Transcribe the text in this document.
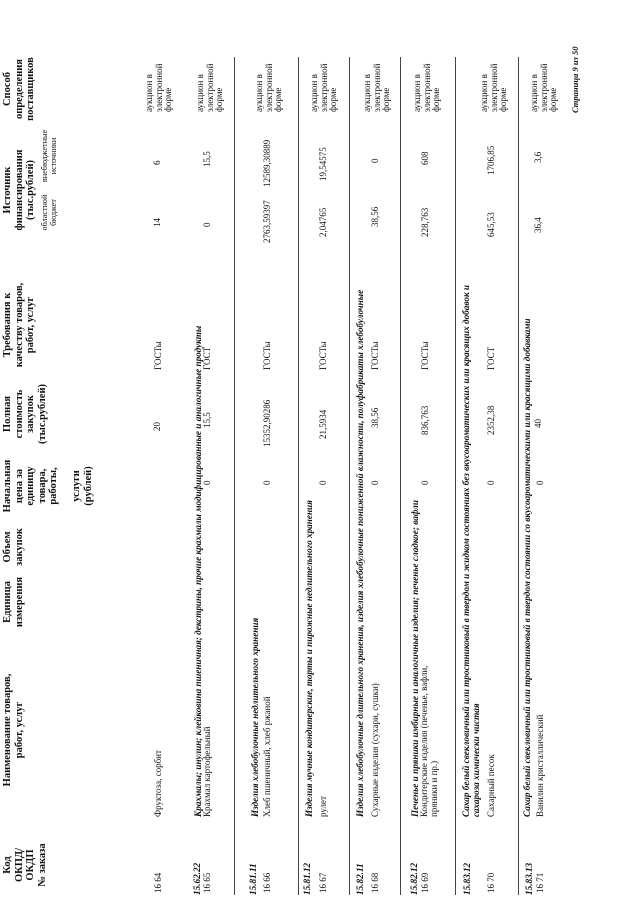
Код
ОКПД/
ОКДП
№ заказа
Наименование товаров,
работ, услуг
Единица
измерения
Объем
закупок
Начальная
цена за
единицу
товара,
работы,

услуги
(рублей)
Полная
стоимость
закупок
(тыс.рублей)
Требования к
качеству товаров,
работ, услуг
Источник
финансирования
(тыс.рублей) областной
бюджет
внебюджетные
источники
Способ
определения
поставщиков
16 64
Фруктоза, сорбит
20
ГОСТы
14
6
аукцион в
электронной
форме
15.62.22
Крахмалы; инулин; клейковина пшеничная; декстрины, прочие крахмалы модифицированные и аналогичные продукты
16 65
Крахмал картофельный
0
15,5
ГОСТ
0
15,5
аукцион в
электронной
форме
15.81.11
Изделия хлебобулочные недлительного хранения
16 66
Хлеб пшеничный, хлеб ржаной
0
15352,90286
ГОСТы
2763,59397
12589,30889
аукцион в
электронной
форме
15.81.12
Изделия мучные кондитерские, торты и пирожные недлительного хранения
16 67
рулет
0
21,5934
ГОСТы
2,04765
19,54575
аукцион в
электронной
форме
15.82.11
Изделия хлебобулочные длительного хранения, изделия хлебобулочные пониженной влажности, полуфабрикаты хлебобулочные
16 68
Сухарные изделия (сухари, сушки)
0
38,56
ГОСТы
38,56
0
аукцион в
электронной
форме
15.82.12
Печенье и пряники имбирные и аналогичные изделия; печенье сладкое; вафли
16 69
Кондитерские изделия (печенье, вафли,
пряники и пр.)
0
836,763
ГОСТы
228,763
608
аукцион в
электронной
форме
15.83.12
Сахар белый свекловичный или тростниковый в твердом и жидком состояниях без вкусоароматических или красящих добавок и
сахароза химически чистая
16 70
Сахарный песок
0
2352,38
ГОСТ
645,53
1706,85
аукцион в
электронной
форме
15.83.13
Сахар белый свекловичный или тростниковый в твердом состоянии со вкусоароматическими или красящими добавками
16 71
Ванилин кристаллический
0
40
36,4
3,6
аукцион в
электронной
форме Страница 9 из 50
